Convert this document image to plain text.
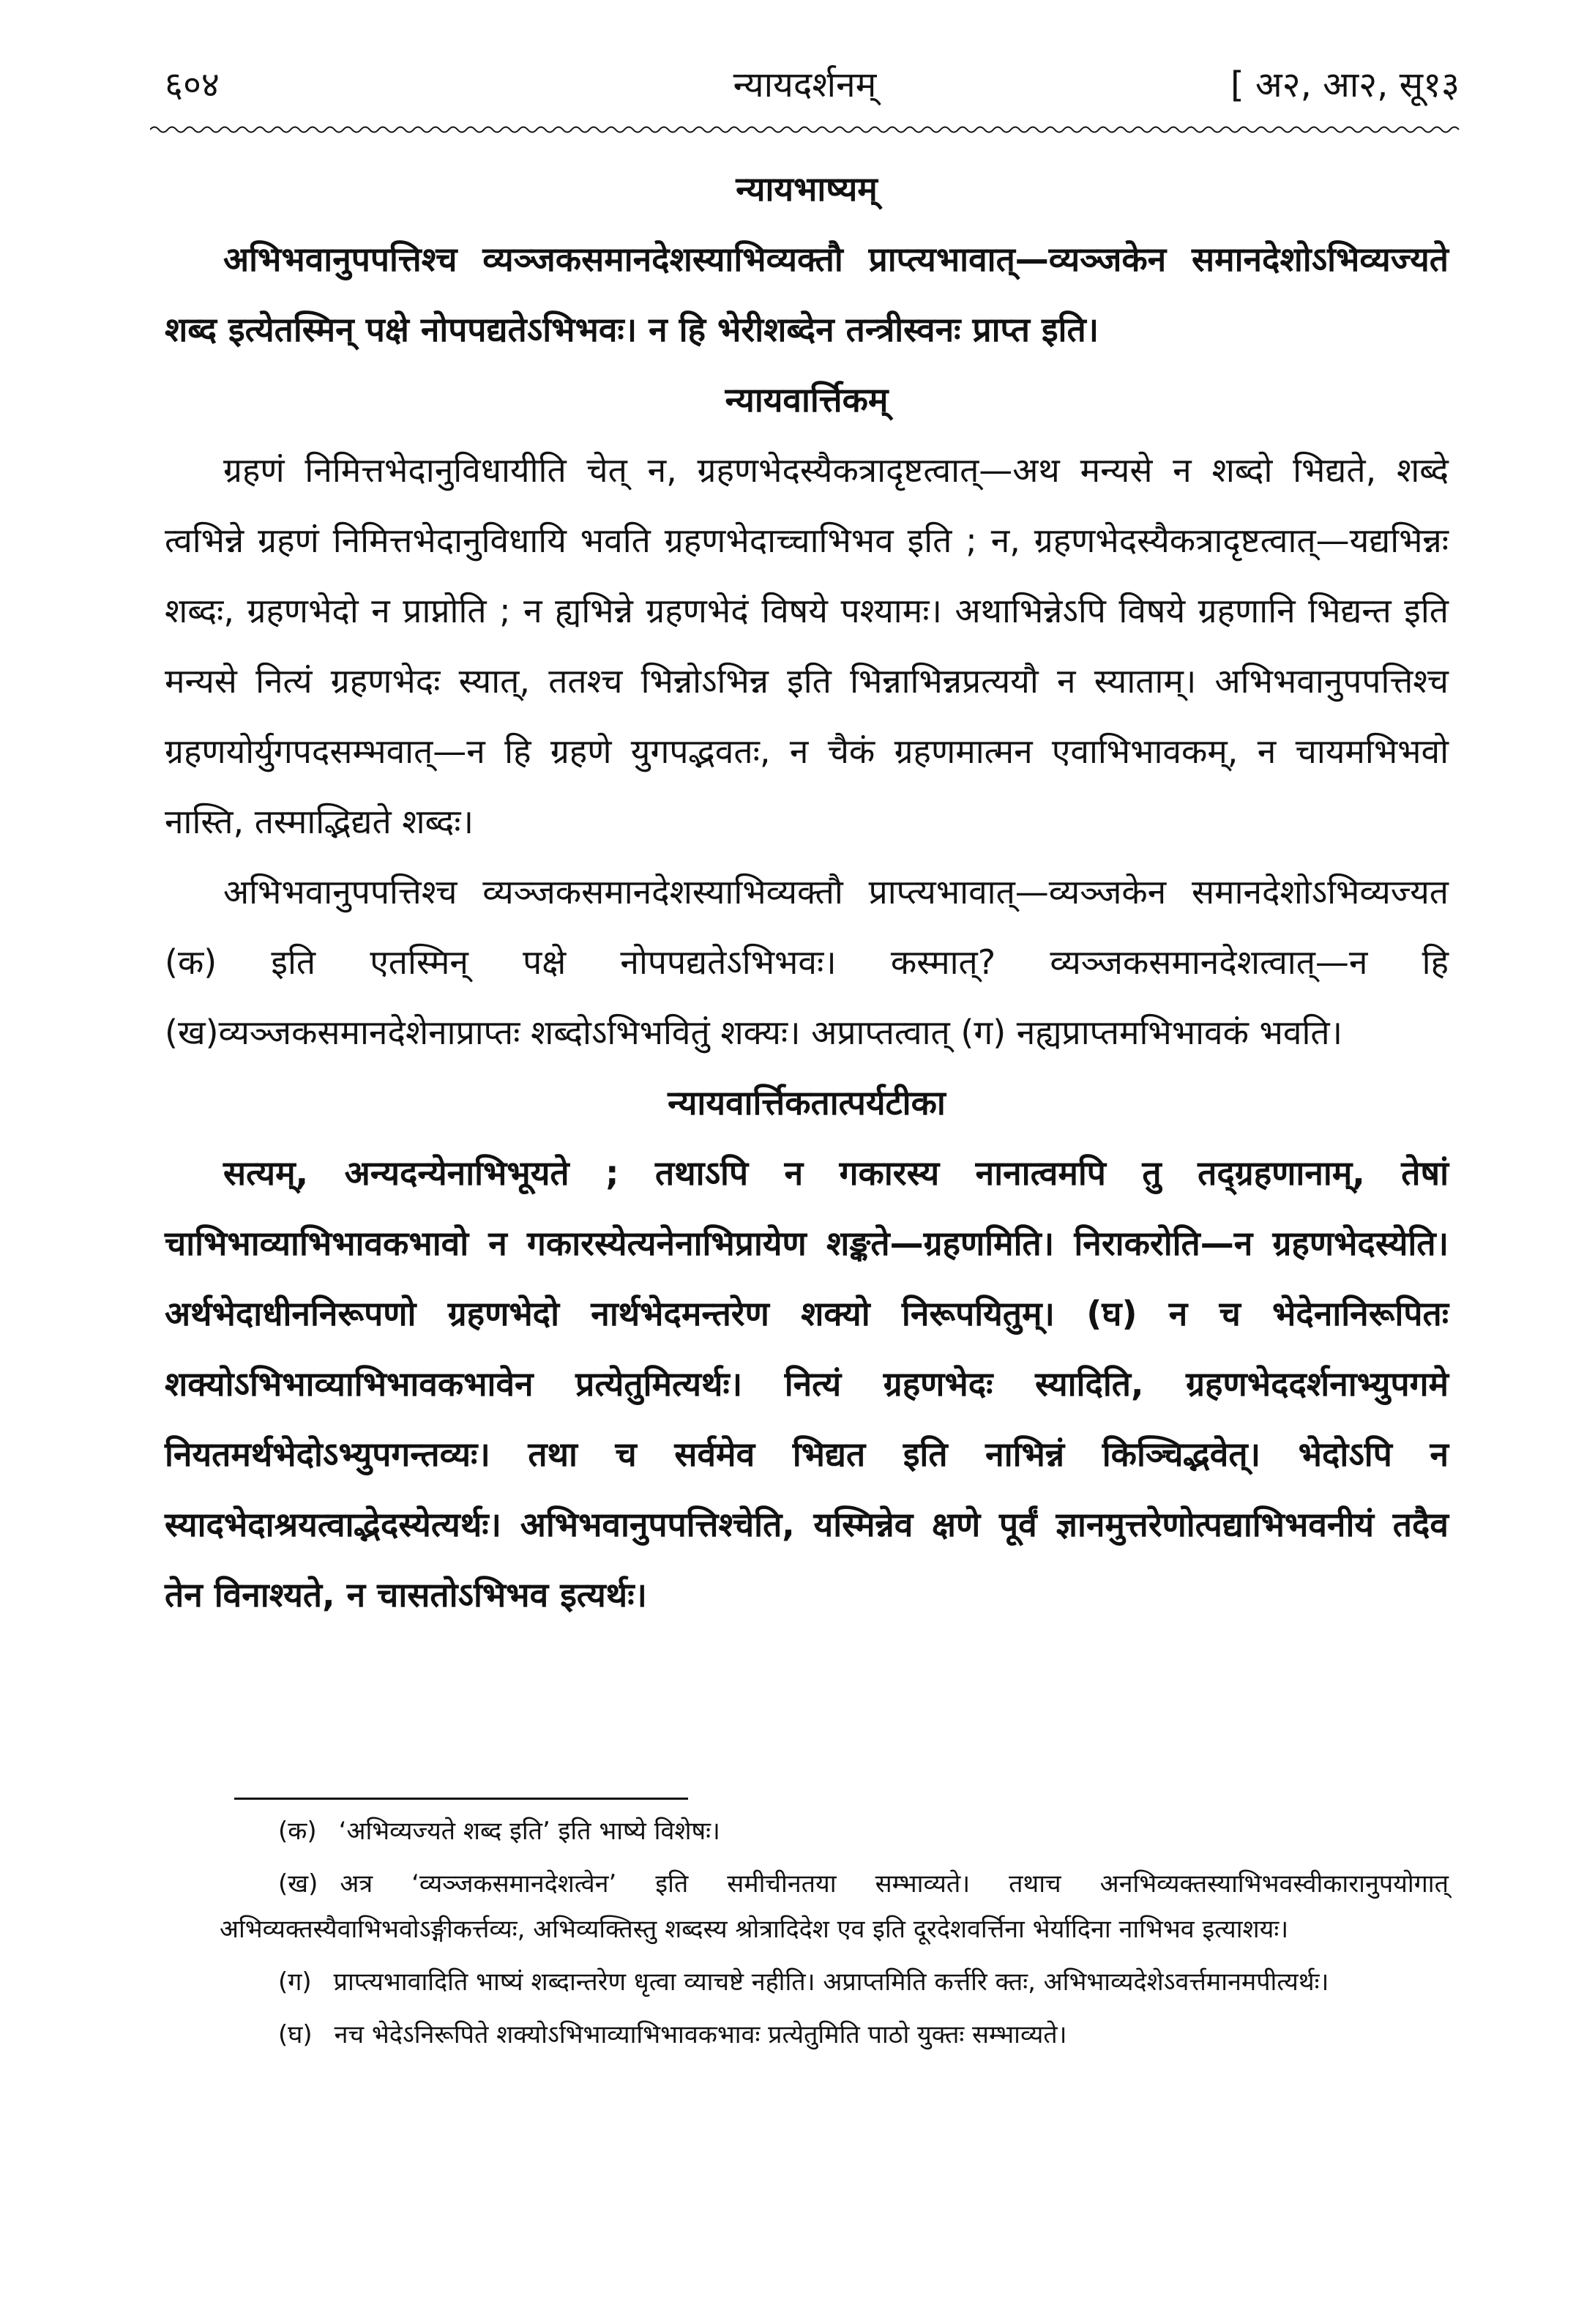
६०४	न्यायदर्शनम्	[ अ२, आ२, सू१३
न्यायभाष्यम्

अभिभवानुपपत्तिश्च व्यञ्जकसमानदेशस्याभिव्यक्तौ प्राप्त्यभावात्—व्यञ्जकेन समानदेशोऽभिव्यज्यते शब्द इत्येतस्मिन् पक्षे नोपपद्यतेऽभिभवः। न हि भेरीशब्देन तन्त्रीस्वनः प्राप्त इति।

न्यायवार्त्तिकम्

ग्रहणं निमित्तभेदानुविधायीति चेत् न, ग्रहणभेदस्यैकत्रादृष्टत्वात्—अथ मन्यसे न शब्दो भिद्यते, शब्दे त्वभिन्ने ग्रहणं निमित्तभेदानुविधायि भवति ग्रहणभेदाच्चाभिभव इति ; न, ग्रहणभेदस्यैकत्रादृष्टत्वात्—यद्यभिन्नः शब्दः, ग्रहणभेदो न प्राप्नोति ; न ह्यभिन्ने ग्रहणभेदं विषये पश्यामः। अथाभिन्नेऽपि विषये ग्रहणानि भिद्यन्त इति मन्यसे नित्यं ग्रहणभेदः स्यात्, ततश्च भिन्नोऽभिन्न इति भिन्नाभिन्नप्रत्ययौ न स्याताम्। अभिभवानुपपत्तिश्च ग्रहणयोर्युगपदसम्भवात्—न हि ग्रहणे युगपद्भवतः, न चैकं ग्रहणमात्मन एवाभिभावकम्, न चायमभिभवो नास्ति, तस्माद्भिद्यते शब्दः।

अभिभवानुपपत्तिश्च व्यञ्जकसमानदेशस्याभिव्यक्तौ प्राप्त्यभावात्—व्यञ्जकेन समानदेशोऽभिव्यज्यत (क) इति एतस्मिन् पक्षे नोपपद्यतेऽभिभवः। कस्मात्? व्यञ्जकसमानदेशत्वात्—न हि (ख)व्यञ्जकसमानदेशेनाप्राप्तः शब्दोऽभिभवितुं शक्यः। अप्राप्तत्वात् (ग) नह्यप्राप्तमभिभावकं भवति।

न्यायवार्त्तिकतात्पर्यटीका

सत्यम्, अन्यदन्येनाभिभूयते ; तथाऽपि न गकारस्य नानात्वमपि तु तद्ग्रहणानाम्, तेषां चाभिभाव्याभिभावकभावो न गकारस्येत्यनेनाभिप्रायेण शङ्कते—ग्रहणमिति। निराकरोति—न ग्रहणभेदस्येति। अर्थभेदाधीननिरूपणो ग्रहणभेदो नार्थभेदमन्तरेण शक्यो निरूपयितुम्। (घ) न च भेदेनानिरूपितः शक्योऽभिभाव्याभिभावकभावेन प्रत्येतुमित्यर्थः। नित्यं ग्रहणभेदः स्यादिति, ग्रहणभेददर्शनाभ्युपगमे नियतमर्थभेदोऽभ्युपगन्तव्यः। तथा च सर्वमेव भिद्यत इति नाभिन्नं किञ्चिद्भवेत्। भेदोऽपि न स्यादभेदाश्रयत्वाद्भेदस्येत्यर्थः। अभिभवानुपपत्तिश्चेति, यस्मिन्नेव क्षणे पूर्वं ज्ञानमुत्तरेणोत्पद्याभिभवनीयं तदैव तेन विनाश्यते, न चासतोऽभिभव इत्यर्थः।

(क) ‘अभिव्यज्यते शब्द इति’ इति भाष्ये विशेषः।

(ख) अत्र ‘व्यञ्जकसमानदेशत्वेन’ इति समीचीनतया सम्भाव्यते। तथाच अनभिव्यक्तस्याभिभवस्वीकारानुपयोगात् अभिव्यक्तस्यैवाभिभवोऽङ्गीकर्त्तव्यः, अभिव्यक्तिस्तु शब्दस्य श्रोत्रादिदेश एव इति दूरदेशवर्त्तिना भेर्यादिना नाभिभव इत्याशयः।

(ग) प्राप्त्यभावादिति भाष्यं शब्दान्तरेण धृत्वा व्याचष्टे नहीति। अप्राप्तमिति कर्त्तरि क्तः, अभिभाव्यदेशेऽवर्त्तमानमपीत्यर्थः।

(घ) नच भेदेऽनिरूपिते शक्योऽभिभाव्याभिभावकभावः प्रत्येतुमिति पाठो युक्तः सम्भाव्यते।
